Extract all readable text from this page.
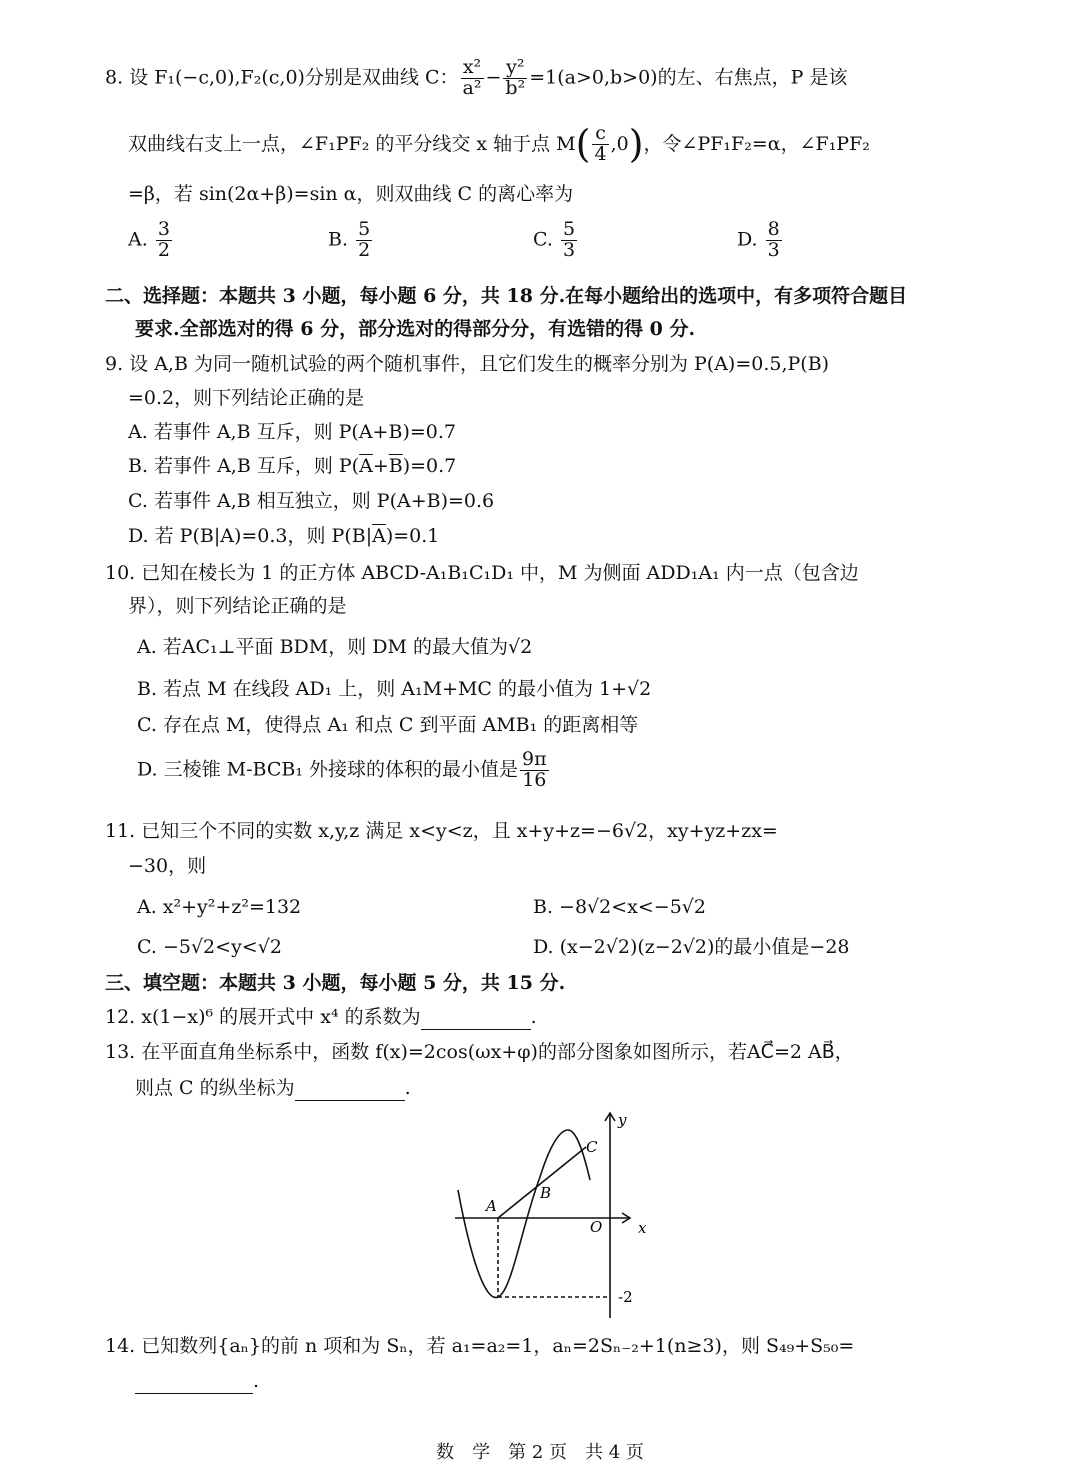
8. 设 F₁(−c,0),F₂(c,0)分别是双曲线 C： $\frac{\text{x²}}{\text{a²}} - \frac{\text{y²}}{\text{b²}} =1(a>0,b>0)$的左、右焦点，P 是该
双曲线右支上一点，∠F₁PF₂ 的平分线交 x 轴于点 $M( \frac{c}{4} ,0)$，令∠PF₁F₂=α，∠F₁PF₂
=β，若 sin(2α+β)=sin α，则双曲线 C 的离心率为
A. $\frac{3}{2}$	B. $\frac{5}{2}$	C. $\frac{5}{3}$	D. $\frac{8}{3}$
二、选择题：本题共 3 小题，每小题 6 分，共 18 分.在每小题给出的选项中，有多项符合题目
要求.全部选对的得 6 分，部分选对的得部分分，有选错的得 0 分.
9. 设 A,B 为同一随机试验的两个随机事件，且它们发生的概率分别为 P(A)=0.5,P(B)
=0.2，则下列结论正确的是
A. 若事件 A,B 互斥，则 P(A+B)=0.7
B. 若事件 A,B 互斥，则 $P(\overline{A}+\overline{B})=0.7$
C. 若事件 A,B 相互独立，则 P(A+B)=0.6
D. 若 P(B|A)=0.3，则 $P(B|\overline{A})=0.1$
10. 已知在棱长为 1 的正方体 ABCD-A₁B₁C₁D₁ 中，M 为侧面 ADD₁A₁ 内一点（包含边
界），则下列结论正确的是
A. 若AC₁⊥平面 BDM，则 DM 的最大值为√2
B. 若点 M 在线段 AD₁ 上，则 A₁M+MC 的最小值为 1+√2
C. 存在点 M，使得点 A₁ 和点 C 到平面 AMB₁ 的距离相等
D. 三棱锥 M-BCB₁ 外接球的体积的最小值是 $\frac{9\pi}{16}$
11. 已知三个不同的实数 x,y,z 满足 x<y<z，且 x+y+z=−6√2，xy+yz+zx=
−30，则
A. x²+y²+z²=132	B. −8√2<x<−5√2
C. −5√2<y<√2	D. (x−2√2)(z−2√2)的最小值是−28
三、填空题：本题共 3 小题，每小题 5 分，共 15 分.
12. x(1−x)⁶ 的展开式中 x⁴ 的系数为	.
13. 在平面直角坐标系中，函数 f(x)=2cos(ωx+φ)的部分图象如图所示，若AC⃗=2 AB⃗，
则点 C 的纵坐标为	.
A
B
C
O x
y
-2
14. 已知数列{aₙ}的前 n 项和为 Sₙ，若 a₁=a₂=1，aₙ=2Sₙ₋₂+1(n≥3)，则 S₄₉+S₅₀=
.
数　学　第 2 页　共 4 页
